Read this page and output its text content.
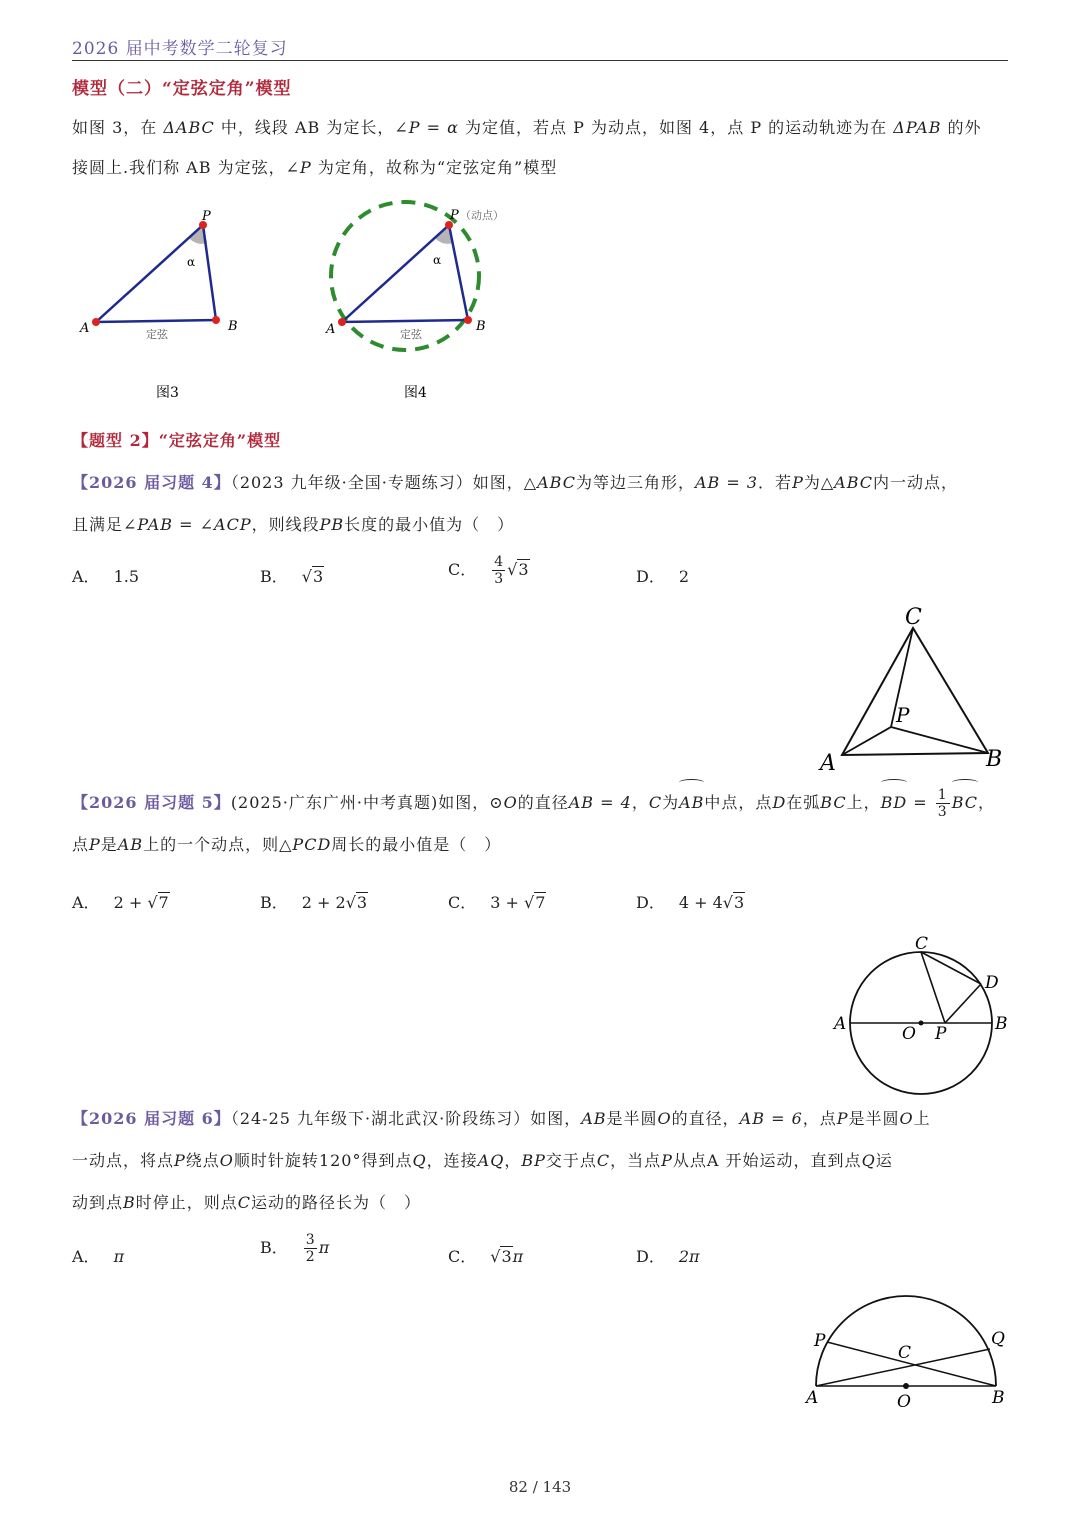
2026 届中考数学二轮复习
模型（二）“定弦定角”模型
如图 3，在 ΔABC 中，线段 AB 为定长，∠P = α 为定值，若点 P 为动点，如图 4，点 P 的运动轨迹为在 ΔPAB 的外
接圆上.我们称 AB 为定弦，∠P 为定角，故称为“定弦定角”模型
P
A	B
α
定弦
图3
P （动点）
A	B
α
定弦
图4
【题型 2】“定弦定角”模型
【2026 届习题 4】（2023 九年级·全国·专题练习）如图，△ABC为等边三角形，AB = 3．若P为△ABC内一动点，
且满足∠PAB = ∠ACP，则线段PB长度的最小值为（　）
A． 1.5	B． √3	C． $\frac{4}{3} √3$	D． 2
C
P
A	B
【2026 届习题 5】(2025·广东广州·中考真题)如图，⊙O的直径AB = 4，C为AB中点，点D在弧BC上，BD = $\frac{1}{3}$ BC，
点P是AB上的一个动点，则△PCD周长的最小值是（　）
A． 2 + √7	B． 2 + 2√3	C． 3 + √7	D． 4 + 4√3
C
D
A	B
O P
【2026 届习题 6】（24-25 九年级下·湖北武汉·阶段练习）如图，AB是半圆O的直径，AB = 6，点P是半圆O上
一动点，将点P绕点O顺时针旋转120°得到点Q，连接AQ，BP交于点C，当点P从点A 开始运动，直到点Q运
动到点B时停止，则点C运动的路径长为（　）
A． π	B． $\frac{3}{2}$ π	C． √3π	D． 2π
P	Q
C
A	B
O
82 / 143
